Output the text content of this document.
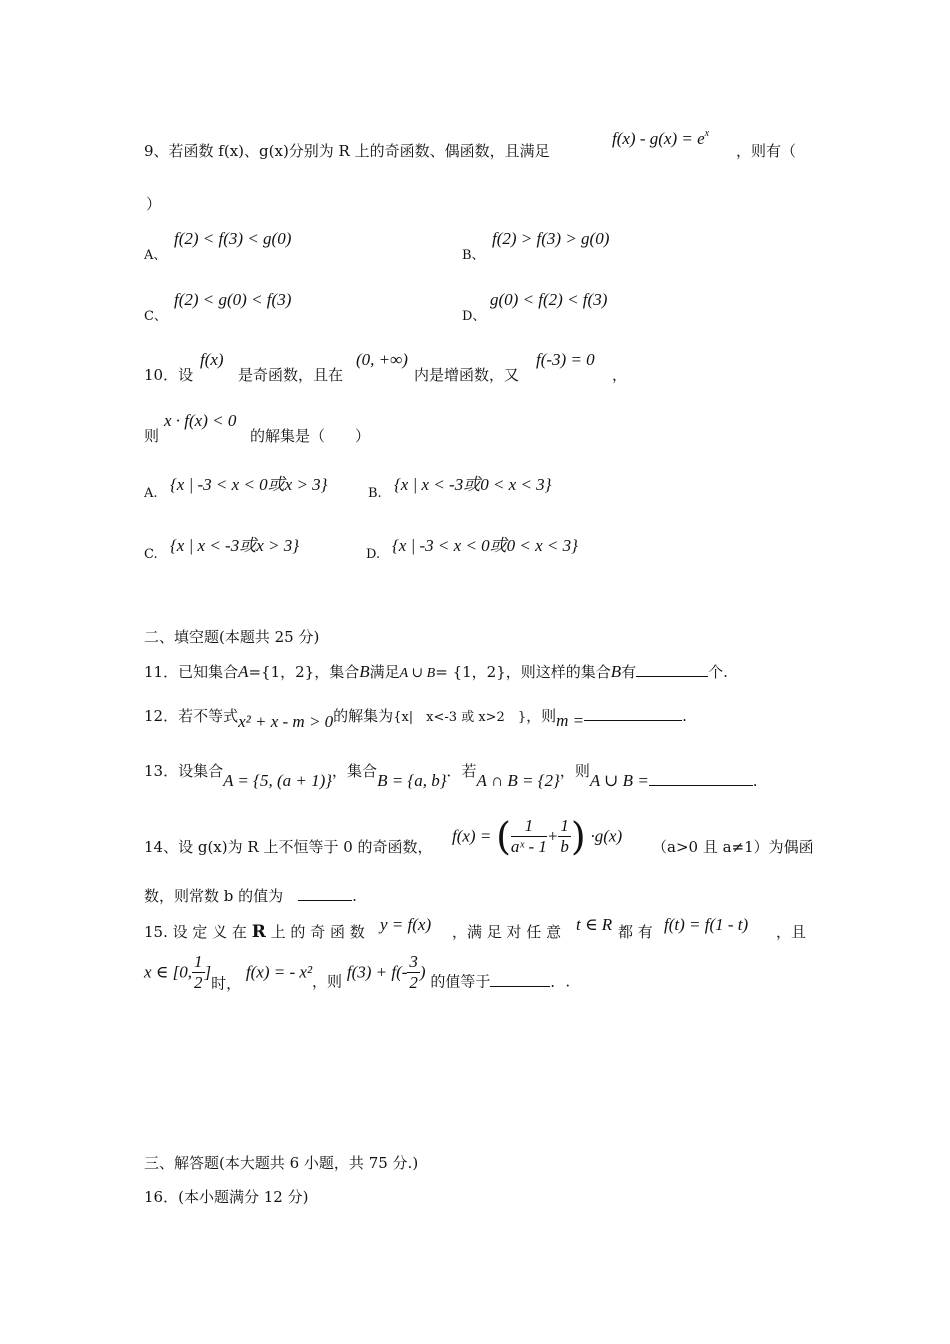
9、若函数 f(x)、g(x)分别为 R 上的奇函数、偶函数，且满足
$f(x) - g(x) = e^x$
，则有（
）
A、
f(2) < f(3) < g(0)
B、
f(2) > f(3) > g(0)
C、
f(2) < g(0) < f(3)
D、
g(0) < f(2) < f(3)
10．设
f(x)
是奇函数，且在
(0, +∞)
内是增函数，又
f(-3) = 0
，
则
x · f(x) < 0
的解集是（　　）
A. {x | -3 < x < 0或x > 3}	B. {x | x < -3或0 < x < 3}
C. {x | x < -3或x > 3}	D. {x | -3 < x < 0或0 < x < 3}
二、填空题(本题共 25 分)
11．已知集合A={1，2}，集合B满足A ∪ B= {1，2}，则这样的集合B有	个.
12．若不等式x² + x - m > 0的解集为{x|　x<-3 或 x>2　}，则m =	.
13．设集合A = {5, (a + 1)}，集合B = {a, b}．若A ∩ B = {2}，则A ∪ B =	.
14、设 g(x)为 R 上不恒等于 0 的奇函数，
f(x) = ( $\frac{1}{\text{aˣ - 1}} + \frac{1}{b}$ ) ·g(x)
（a>0 且 a≠1）为偶函
数，则常数 b 的值为　	.
15. 设 定 义 在 R 上 的 奇 函 数 y = f(x) ，满 足 对 任 意 t ∈ R 都 有 f(t) = f(1 - t) ，且
x ∈ [0, $\frac{1}{2}$ ]时， f(x) = - x²，则 $f(3) + f(- \frac{3}{2}$ ) 的值等于	．.
三、解答题(本大题共 6 小题，共 75 分.)
16．(本小题满分 12 分)
